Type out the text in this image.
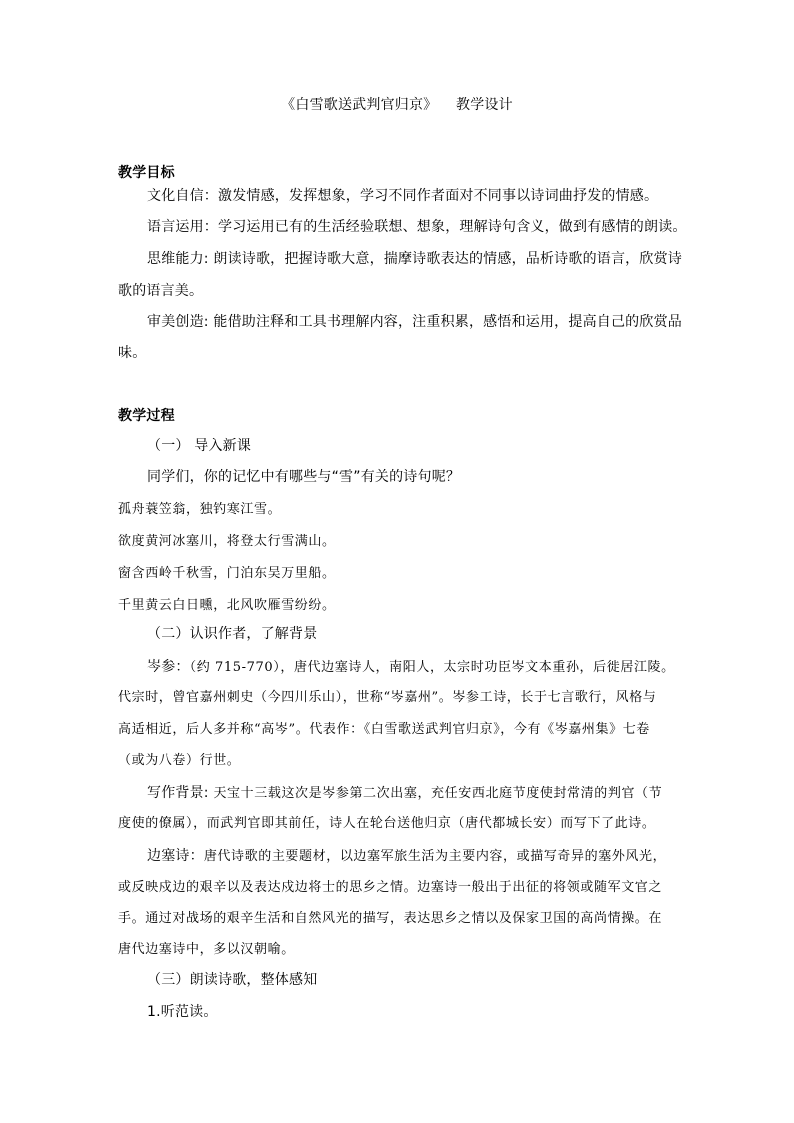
《白雪歌送武判官归京》 教学设计
教学目标
文化自信：激发情感，发挥想象，学习不同作者面对不同事以诗词曲抒发的情感。
语言运用：学习运用已有的生活经验联想、想象，理解诗句含义，做到有感情的朗读。
思维能力: 朗读诗歌，把握诗歌大意，揣摩诗歌表达的情感，品析诗歌的语言，欣赏诗
歌的语言美。
审美创造: 能借助注释和工具书理解内容，注重积累，感悟和运用，提高自己的欣赏品
味。
教学过程
（一） 导入新课
同学们，你的记忆中有哪些与“雪”有关的诗句呢？
孤舟蓑笠翁，独钓寒江雪。
欲度黄河冰塞川，将登太行雪满山。
窗含西岭千秋雪，门泊东吴万里船。
千里黄云白日曛，北风吹雁雪纷纷。
（二）认识作者，了解背景
岑参：（约 715-770），唐代边塞诗人，南阳人，太宗时功臣岑文本重孙，后徙居江陵。
代宗时，曾官嘉州刺史（今四川乐山），世称“岑嘉州”。岑参工诗，长于七言歌行，风格与
高适相近，后人多并称“高岑”。代表作：《白雪歌送武判官归京》，今有《岑嘉州集》七卷
（或为八卷）行世。
写作背景: 天宝十三载这次是岑参第二次出塞，充任安西北庭节度使封常清的判官（节
度使的僚属），而武判官即其前任，诗人在轮台送他归京（唐代都城长安）而写下了此诗。
边塞诗：唐代诗歌的主要题材，以边塞军旅生活为主要内容，或描写奇异的塞外风光，
或反映戍边的艰辛以及表达戍边将士的思乡之情。边塞诗一般出于出征的将领或随军文官之
手。通过对战场的艰辛生活和自然风光的描写，表达思乡之情以及保家卫国的高尚情操。在
唐代边塞诗中，多以汉朝喻。
（三）朗读诗歌，整体感知
1.听范读。
